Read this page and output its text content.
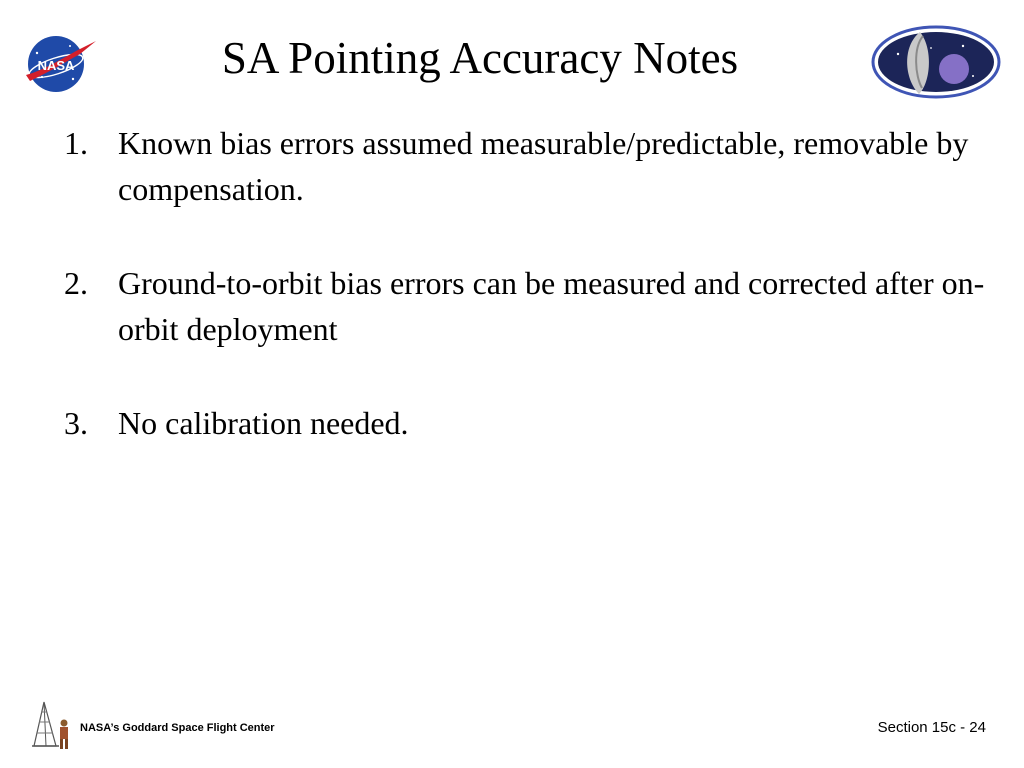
NASA	SA Pointing Accuracy Notes
1. Known bias errors assumed measurable/predictable, removable by compensation.
2. Ground-to-orbit bias errors can be measured and corrected after on-orbit deployment
3. No calibration needed.
NASA’s Goddard Space Flight Center	Section 15c - 24
